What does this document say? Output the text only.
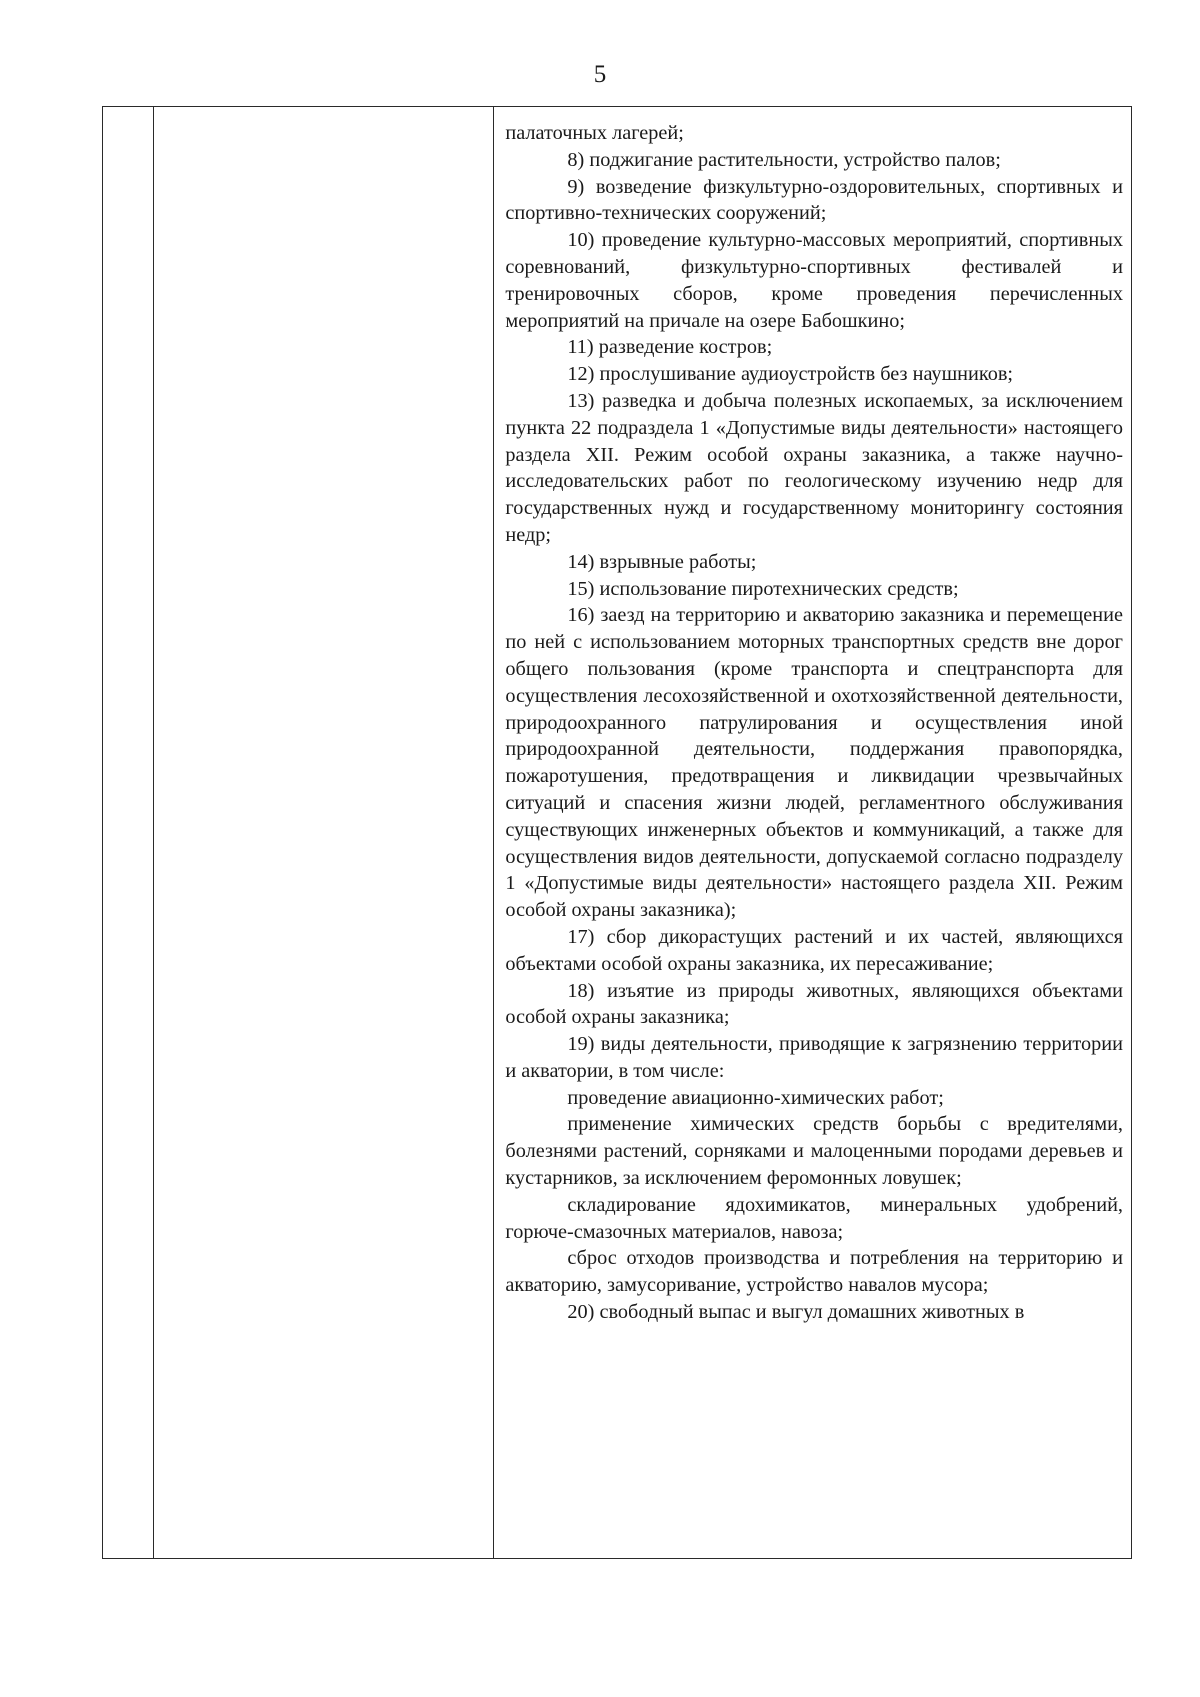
5

палаточных лагерей;

8) поджигание растительности, устройство палов;

9) возведение физкультурно-оздоровительных, спортивных и спортивно-технических сооружений;

10) проведение культурно-массовых мероприятий, спортивных соревнований, физкультурно-спортивных фестивалей и тренировочных сборов, кроме проведения перечисленных мероприятий на причале на озере Бабошкино;

11) разведение костров;

12) прослушивание аудиоустройств без наушников;

13) разведка и добыча полезных ископаемых, за исключением пункта 22 подраздела 1 «Допустимые виды деятельности» настоящего раздела XII. Режим особой охраны заказника, а также научно-исследовательских работ по геологическому изучению недр для государственных нужд и государственному мониторингу состояния недр;

14) взрывные работы;

15) использование пиротехнических средств;

16) заезд на территорию и акваторию заказника и перемещение по ней с использованием моторных транспортных средств вне дорог общего пользования (кроме транспорта и спецтранспорта для осуществления лесохозяйственной и охотхозяйственной деятельности, природоохранного патрулирования и осуществления иной природоохранной деятельности, поддержания правопорядка, пожаротушения, предотвращения и ликвидации чрезвычайных ситуаций и спасения жизни людей, регламентного обслуживания существующих инженерных объектов и коммуникаций, а также для осуществления видов деятельности, допускаемой согласно подразделу 1 «Допустимые виды деятельности» настоящего раздела XII. Режим особой охраны заказника);

17) сбор дикорастущих растений и их частей, являющихся объектами особой охраны заказника, их пересаживание;

18) изъятие из природы животных, являющихся объектами особой охраны заказника;

19) виды деятельности, приводящие к загрязнению территории и акватории, в том числе:

проведение авиационно-химических работ;

применение химических средств борьбы с вредителями, болезнями растений, сорняками и малоценными породами деревьев и кустарников, за исключением феромонных ловушек;

складирование ядохимикатов, минеральных удобрений, горюче-смазочных материалов, навоза;

сброс отходов производства и потребления на территорию и акваторию, замусоривание, устройство навалов мусора;

20) свободный выпас и выгул домашних животных в
